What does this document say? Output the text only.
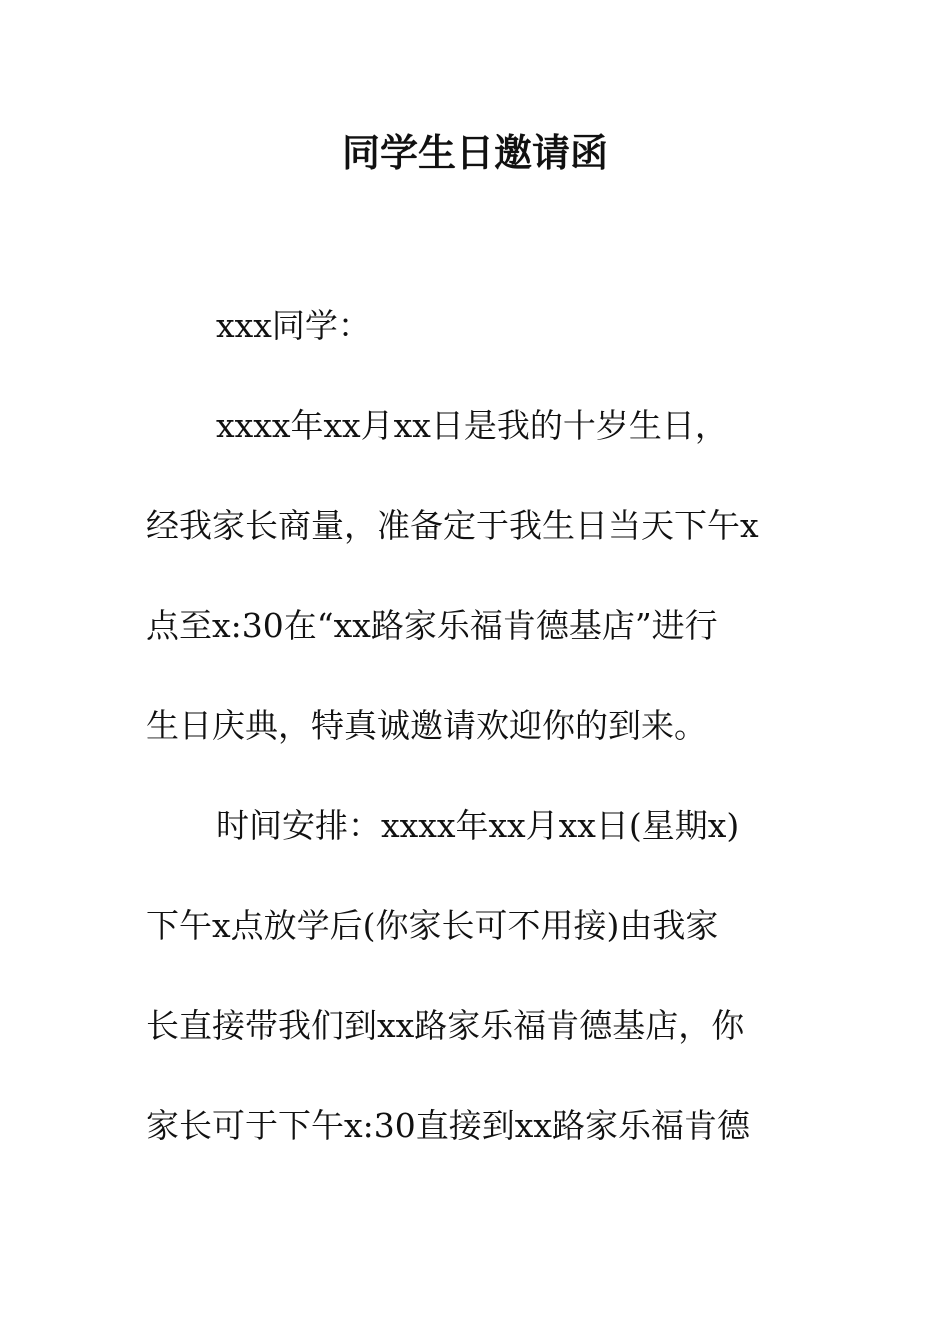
同学生日邀请函
xxx同学：
xxxx年xx月xx日是我的十岁生日，
经我家长商量，准备定于我生日当天下午x
点至x:30在“xx路家乐福肯德基店”进行
生日庆典，特真诚邀请欢迎你的到来。
时间安排：xxxx年xx月xx日(星期x)
下午x点放学后(你家长可不用接)由我家
长直接带我们到xx路家乐福肯德基店，你
家长可于下午x:30直接到xx路家乐福肯德
